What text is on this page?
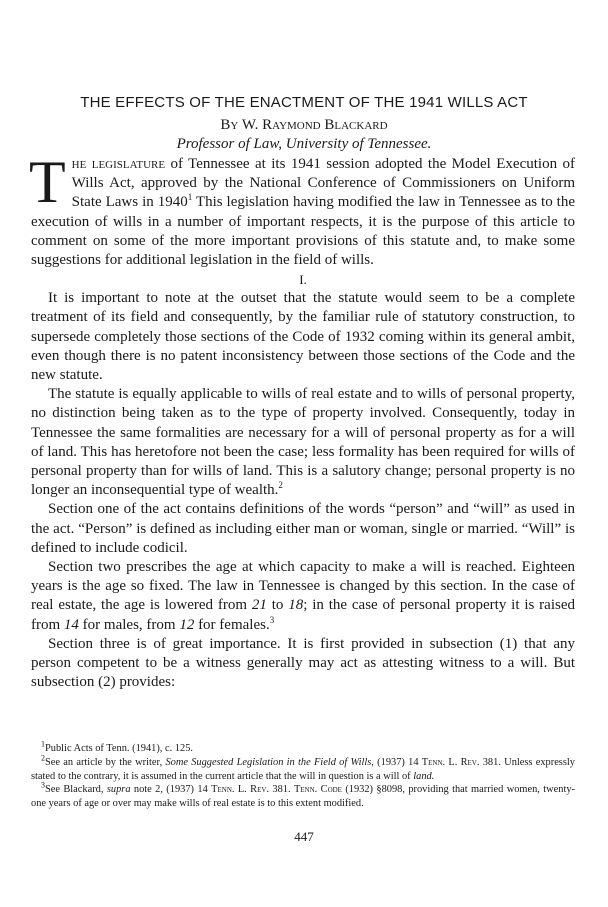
THE EFFECTS OF THE ENACTMENT OF THE 1941 WILLS ACT
By W. Raymond Blackard
Professor of Law, University of Tennessee.

The legislature of Tennessee at its 1941 session adopted the Model Execution of Wills Act, approved by the National Conference of Commissioners on Uniform State Laws in 1940$^1$ This legislation having modified the law in Tennessee as to the execution of wills in a number of important respects, it is the purpose of this article to comment on some of the more important provisions of this statute and, to make some suggestions for additional legislation in the field of wills.

I.

It is important to note at the outset that the statute would seem to be a complete treatment of its field and consequently, by the familiar rule of statutory construction, to supersede completely those sections of the Code of 1932 coming within its general ambit, even though there is no patent inconsistency between those sections of the Code and the new statute.

The statute is equally applicable to wills of real estate and to wills of personal property, no distinction being taken as to the type of property involved. Consequently, today in Tennessee the same formalities are necessary for a will of personal property as for a will of land. This has heretofore not been the case; less formality has been required for wills of personal property than for wills of land. This is a salutory change; personal property is no longer an inconsequential type of wealth.$^2$

Section one of the act contains definitions of the words “person” and “will” as used in the act. “Person” is defined as including either man or woman, single or married. “Will” is defined to include codicil.

Section two prescribes the age at which capacity to make a will is reached. Eighteen years is the age so fixed. The law in Tennessee is changed by this section. In the case of real estate, the age is lowered from 21 to 18; in the case of personal property it is raised from 14 for males, from 12 for females.$^3$

Section three is of great importance. It is first provided in subsection (1) that any person competent to be a witness generally may act as attesting witness to a will. But subsection (2) provides:

$^1$Public Acts of Tenn. (1941), c. 125.

$^2$See an article by the writer, Some Suggested Legislation in the Field of Wills, (1937) 14 Tenn. L. Rev. 381. Unless expressly stated to the contrary, it is assumed in the current article that the will in question is a will of land.

$^3$See Blackard, supra note 2, (1937) 14 Tenn. L. Rev. 381. Tenn. Code (1932) §8098, providing that married women, twenty-one years of age or over may make wills of real estate is to this extent modified.

447
